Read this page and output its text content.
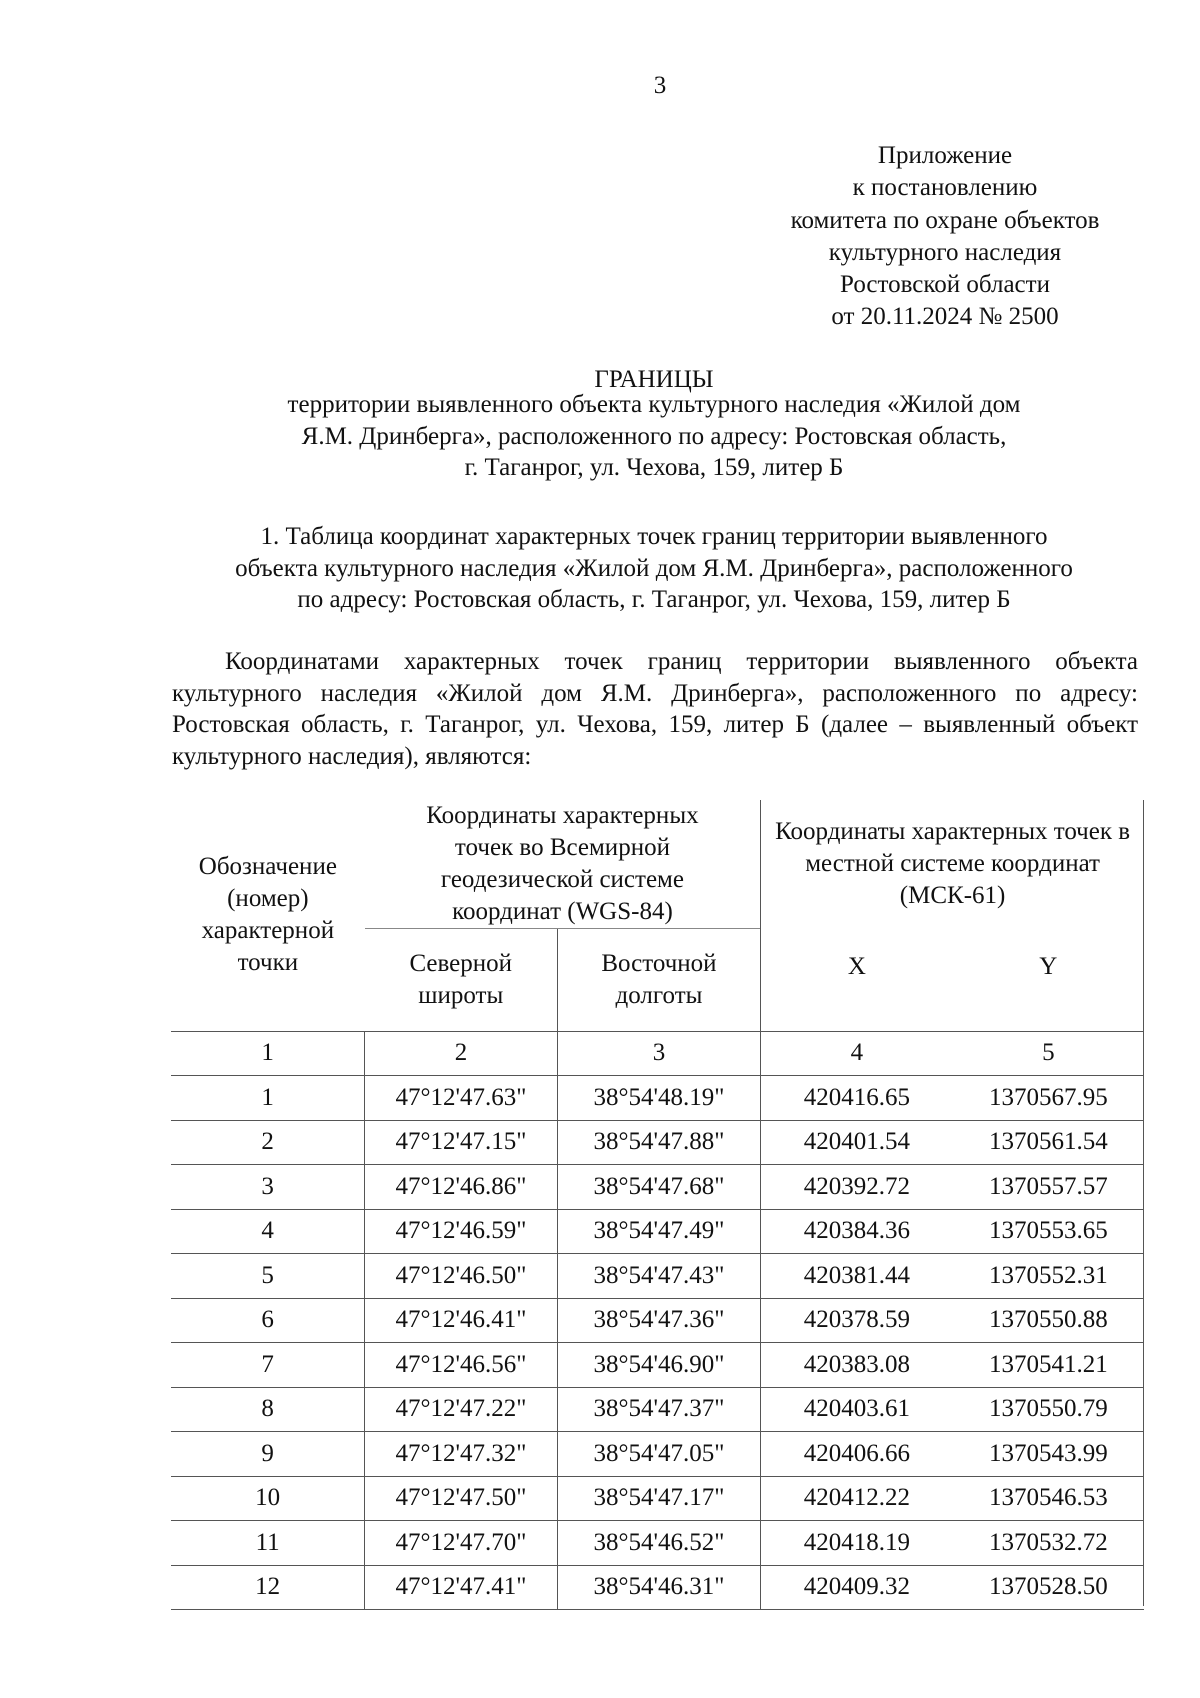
3
Приложение
к постановлению
комитета по охране объектов
культурного наследия
Ростовской области
от 20.11.2024 № 2500
ГРАНИЦЫ
территории выявленного объекта культурного наследия «Жилой дом
Я.М. Дринберга», расположенного по адресу: Ростовская область,
г. Таганрог, ул. Чехова, 159, литер Б
1. Таблица координат характерных точек границ территории выявленного
объекта культурного наследия «Жилой дом Я.М. Дринберга», расположенного
по адресу: Ростовская область, г. Таганрог, ул. Чехова, 159, литер Б

Координатами характерных точек границ территории выявленного объекта культурного наследия «Жилой дом Я.М. Дринберга», расположенного по адресу: Ростовская область, г. Таганрог, ул. Чехова, 159, литер Б (далее – выявленный объект культурного наследия), являются:

Обозначение (номер) характерной точки	Координаты характерных точек во Всемирной геодезической системе координат (WGS-84)		Координаты характерных точек в местной системе координат (МСК-61)	
	Северной широты	Восточной долготы	X	Y
1	2	3	4	5
1	47°12'47.63"	38°54'48.19"	420416.65	1370567.95
2	47°12'47.15"	38°54'47.88"	420401.54	1370561.54
3	47°12'46.86"	38°54'47.68"	420392.72	1370557.57
4	47°12'46.59"	38°54'47.49"	420384.36	1370553.65
5	47°12'46.50"	38°54'47.43"	420381.44	1370552.31
6	47°12'46.41"	38°54'47.36"	420378.59	1370550.88
7	47°12'46.56"	38°54'46.90"	420383.08	1370541.21
8	47°12'47.22"	38°54'47.37"	420403.61	1370550.79
9	47°12'47.32"	38°54'47.05"	420406.66	1370543.99
10	47°12'47.50"	38°54'47.17"	420412.22	1370546.53
11	47°12'47.70"	38°54'46.52"	420418.19	1370532.72
12	47°12'47.41"	38°54'46.31"	420409.32	1370528.50
